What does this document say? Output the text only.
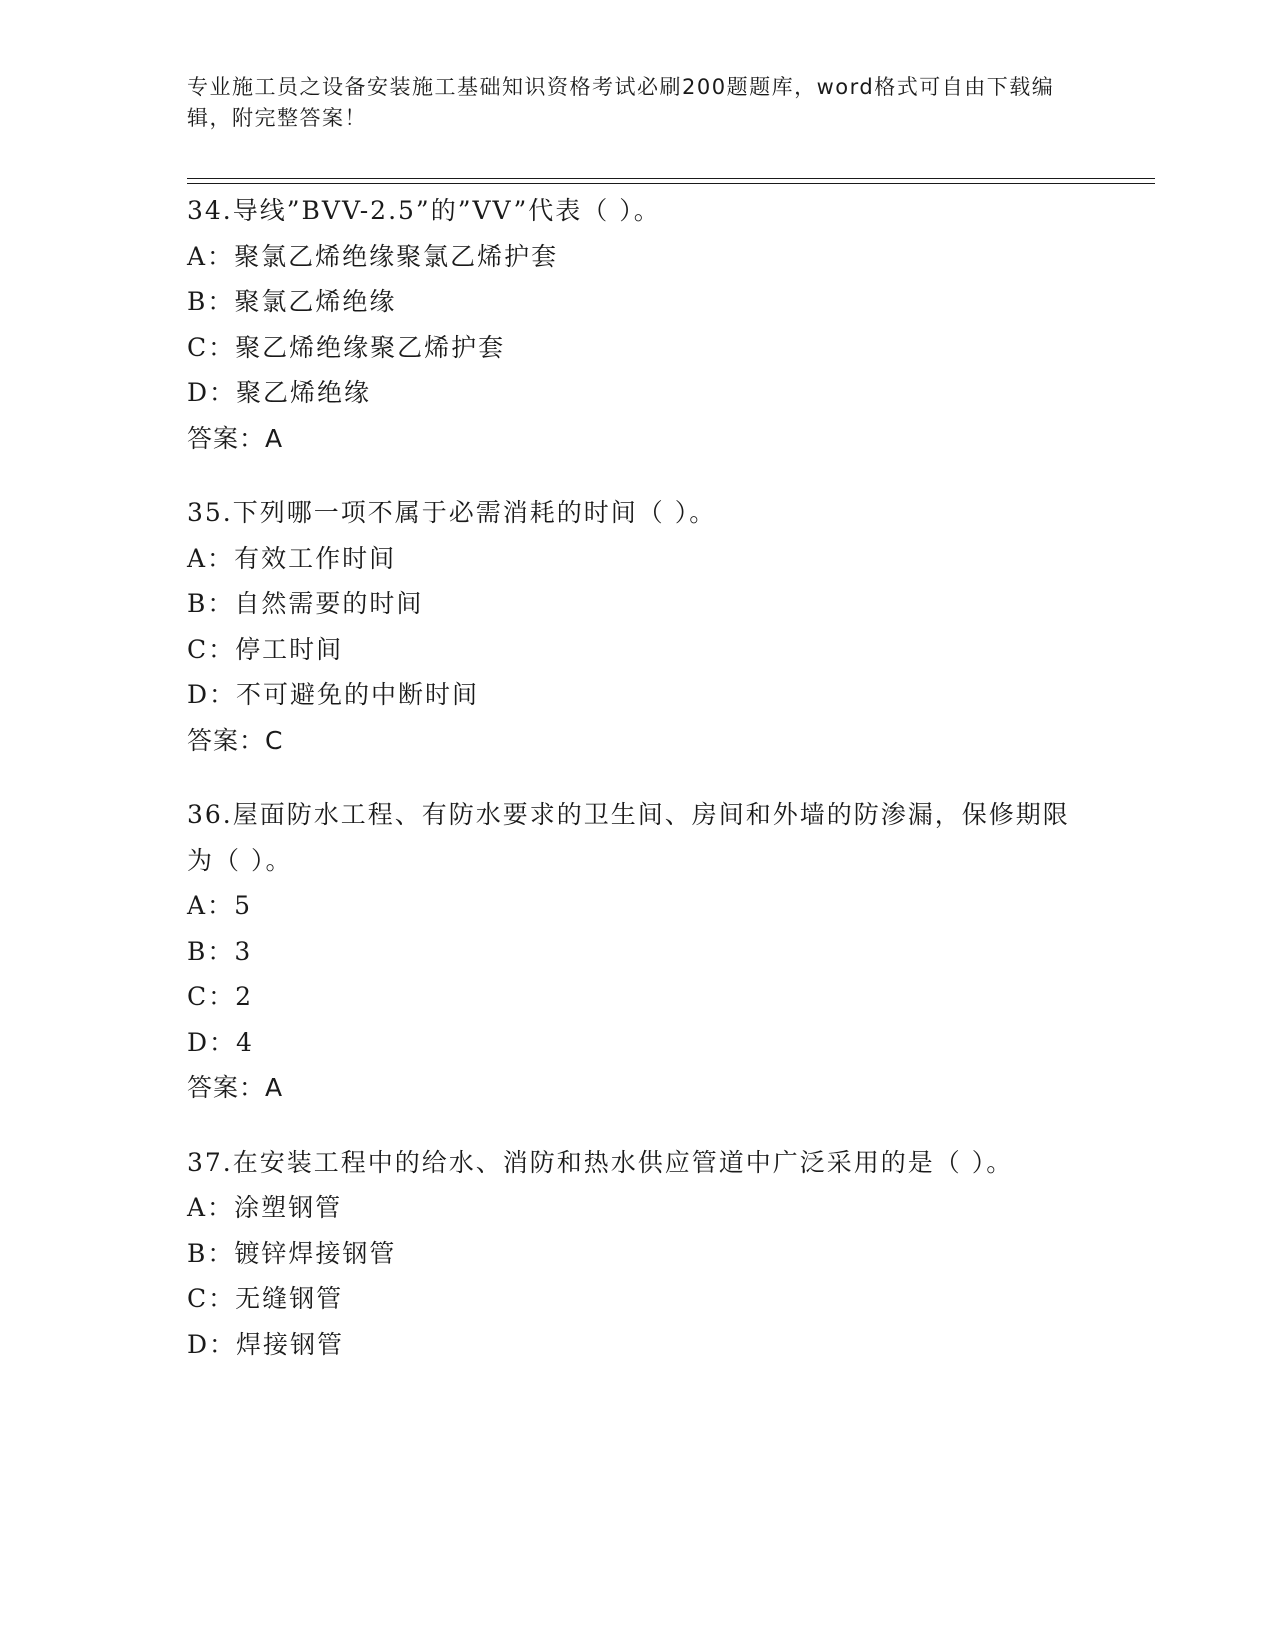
专业施工员之设备安装施工基础知识资格考试必刷200题题库，word格式可自由下载编辑，附完整答案！
34.导线”BVV-2.5”的”VV”代表（ ）。
A：聚氯乙烯绝缘聚氯乙烯护套
B：聚氯乙烯绝缘
C：聚乙烯绝缘聚乙烯护套
D：聚乙烯绝缘
答案：A
35.下列哪一项不属于必需消耗的时间（ ）。
A：有效工作时间
B：自然需要的时间
C：停工时间
D：不可避免的中断时间
答案：C
36.屋面防水工程、有防水要求的卫生间、房间和外墙的防渗漏，保修期限为（ ）。
A：5
B：3
C：2
D：4
答案：A
37.在安装工程中的给水、消防和热水供应管道中广泛采用的是（ ）。
A：涂塑钢管
B：镀锌焊接钢管
C：无缝钢管
D：焊接钢管
